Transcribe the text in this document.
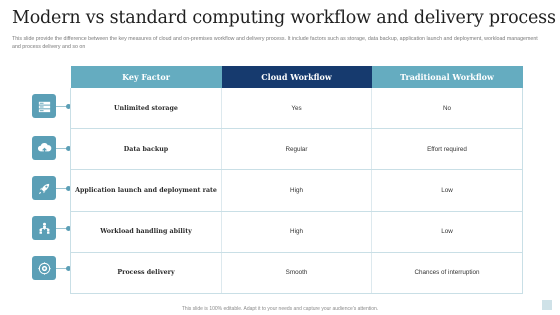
Modern vs standard computing workflow and delivery process

This slide provide the difference between the key measures of cloud and on-premises workflow and delivery process. It include factors such as storage, data backup, application launch and deployment, workload management and process delivery and so on

Key Factor	Cloud Workflow	Traditional Workflow
Unlimited storage	Yes	No
Data backup	Regular	Effort required
Application launch and deployment rate	High	Low
Workload handling ability	High	Low
Process delivery	Smooth	Chances of interruption
This slide is 100% editable. Adapt it to your needs and capture your audience's attention.
